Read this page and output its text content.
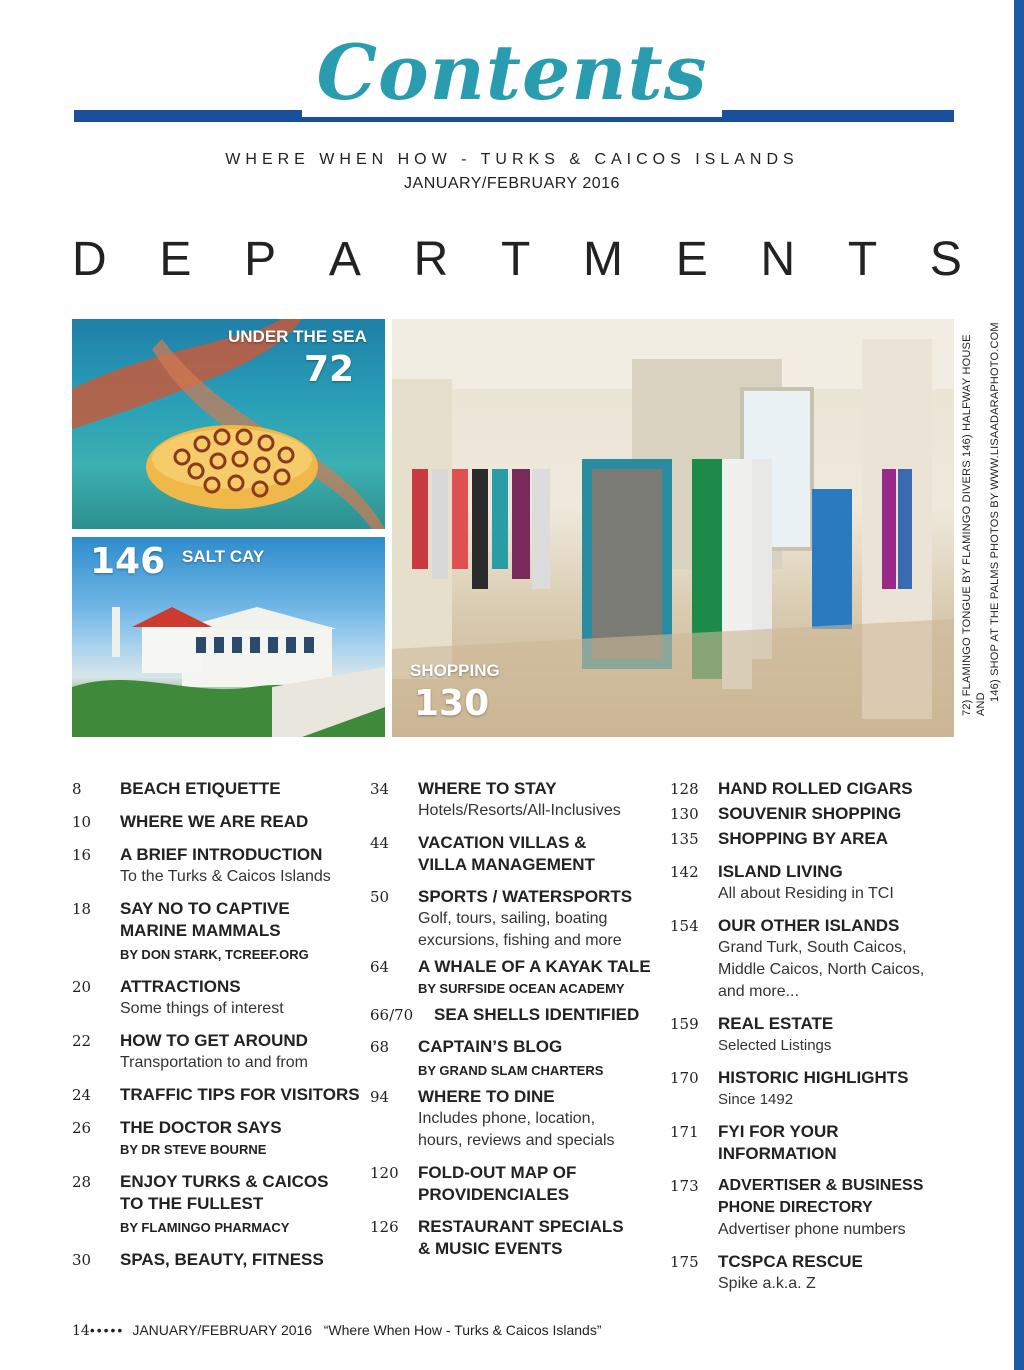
Contents
WHERE WHEN HOW - TURKS & CAICOS ISLANDS
JANUARY/FEBRUARY 2016
D E P A R T M E N T S
UNDER THE SEA
72
146 SALT CAY
SHOPPING
130	72) FLAMINGO TONGUE BY FLAMINGO DIVERS 146) HALFWAY HOUSE AND
146) SHOP AT THE PALMS PHOTOS BY WWW.LISAADARAPHOTO.COM
8 BEACH ETIQUETTE
10 WHERE WE ARE READ
16 A BRIEF INTRODUCTION
To the Turks & Caicos Islands
18 SAY NO TO CAPTIVE MARINE MAMMALS
BY DON STARK, TCREEF.ORG
20 ATTRACTIONS
Some things of interest
22 HOW TO GET AROUND
Transportation to and from
24 TRAFFIC TIPS FOR VISITORS
26 THE DOCTOR SAYS
BY DR STEVE BOURNE
28 ENJOY TURKS & CAICOS TO THE FULLEST
BY FLAMINGO PHARMACY
30 SPAS, BEAUTY, FITNESS
34 WHERE TO STAY
Hotels/Resorts/All-Inclusives
44 VACATION VILLAS & VILLA MANAGEMENT
50 SPORTS / WATERSPORTS
Golf, tours, sailing, boating excursions, fishing and more
64 A WHALE OF A KAYAK TALE
BY SURFSIDE OCEAN ACADEMY
66/70 SEA SHELLS IDENTIFIED
68 CAPTAIN’S BLOG
BY GRAND SLAM CHARTERS
94 WHERE TO DINE
Includes phone, location, hours, reviews and specials
120 FOLD-OUT MAP OF PROVIDENCIALES
126 RESTAURANT SPECIALS & MUSIC EVENTS
128 HAND ROLLED CIGARS
130 SOUVENIR SHOPPING
135 SHOPPING BY AREA
142 ISLAND LIVING
All about Residing in TCI
154 OUR OTHER ISLANDS
Grand Turk, South Caicos, Middle Caicos, North Caicos, and more...
159 REAL ESTATE
Selected Listings
170 HISTORIC HIGHLIGHTS
Since 1492
171 FYI FOR YOUR INFORMATION
173 ADVERTISER & BUSINESS PHONE DIRECTORY
Advertiser phone numbers
175 TCSPCA RESCUE
Spike a.k.a. Z
14••••• JANUARY/FEBRUARY 2016 “Where When How - Turks & Caicos Islands”
